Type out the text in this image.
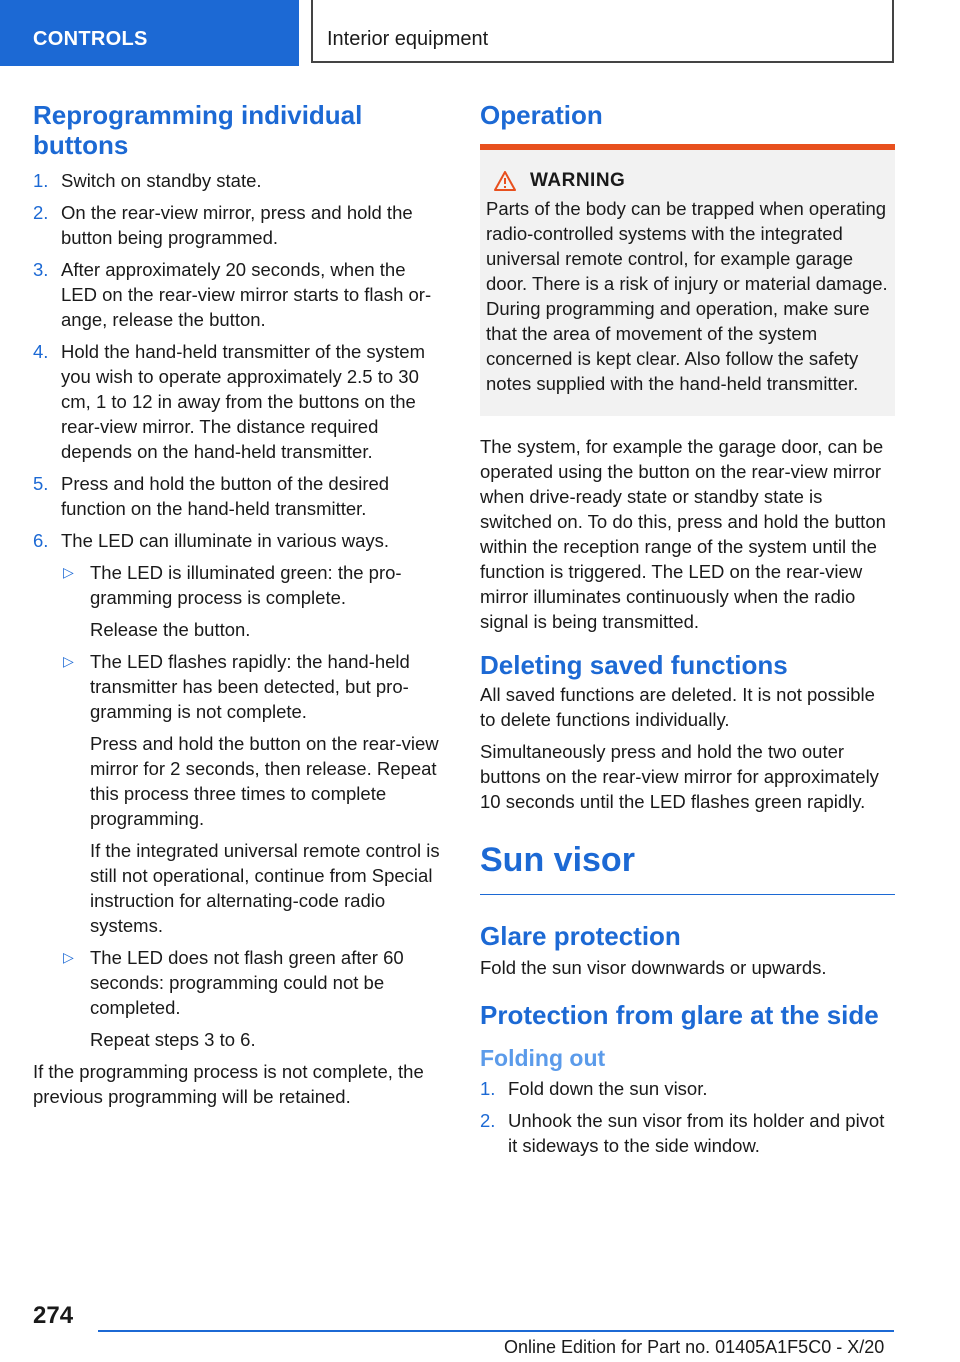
CONTROLS	Interior equipment
Reprogramming individual buttons
1. Switch on standby state.
2. On the rear-view mirror, press and hold the button being programmed.
3. After approximately 20 seconds, when the LED on the rear-view mirror starts to flash orange, release the button.
4. Hold the hand-held transmitter of the system you wish to operate approximately 2.5 to 30 cm, 1 to 12 in away from the buttons on the rear-view mirror. The distance required depends on the hand-held transmitter.
5. Press and hold the button of the desired function on the hand-held transmitter.
6. The LED can illuminate in various ways.
▷ The LED is illuminated green: the programming process is complete.
Release the button.
▷ The LED flashes rapidly: the hand-held transmitter has been detected, but programming is not complete.
Press and hold the button on the rear-view mirror for 2 seconds, then release. Repeat this process three times to complete programming.
If the integrated universal remote control is still not operational, continue from Special instruction for alternating-code radio systems.
▷ The LED does not flash green after 60 seconds: programming could not be completed.
Repeat steps 3 to 6.

If the programming process is not complete, the previous programming will be retained.

Operation
WARNING

Parts of the body can be trapped when operating radio-controlled systems with the integrated universal remote control, for example garage door. There is a risk of injury or material damage. During programming and operation, make sure that the area of movement of the system concerned is kept clear. Also follow the safety notes supplied with the hand-held transmitter.

The system, for example the garage door, can be operated using the button on the rear-view mirror when drive-ready state or standby state is switched on. To do this, press and hold the button within the reception range of the system until the function is triggered. The LED on the rear-view mirror illuminates continuously when the radio signal is being transmitted.

Deleting saved functions

All saved functions are deleted. It is not possible to delete functions individually.

Simultaneously press and hold the two outer buttons on the rear-view mirror for approximately 10 seconds until the LED flashes green rapidly.

Sun visor
Glare protection

Fold the sun visor downwards or upwards.

Protection from glare at the side
Folding out
1. Fold down the sun visor.
2. Unhook the sun visor from its holder and pivot it sideways to the side window.
274
Online Edition for Part no. 01405A1F5C0 - X/20
